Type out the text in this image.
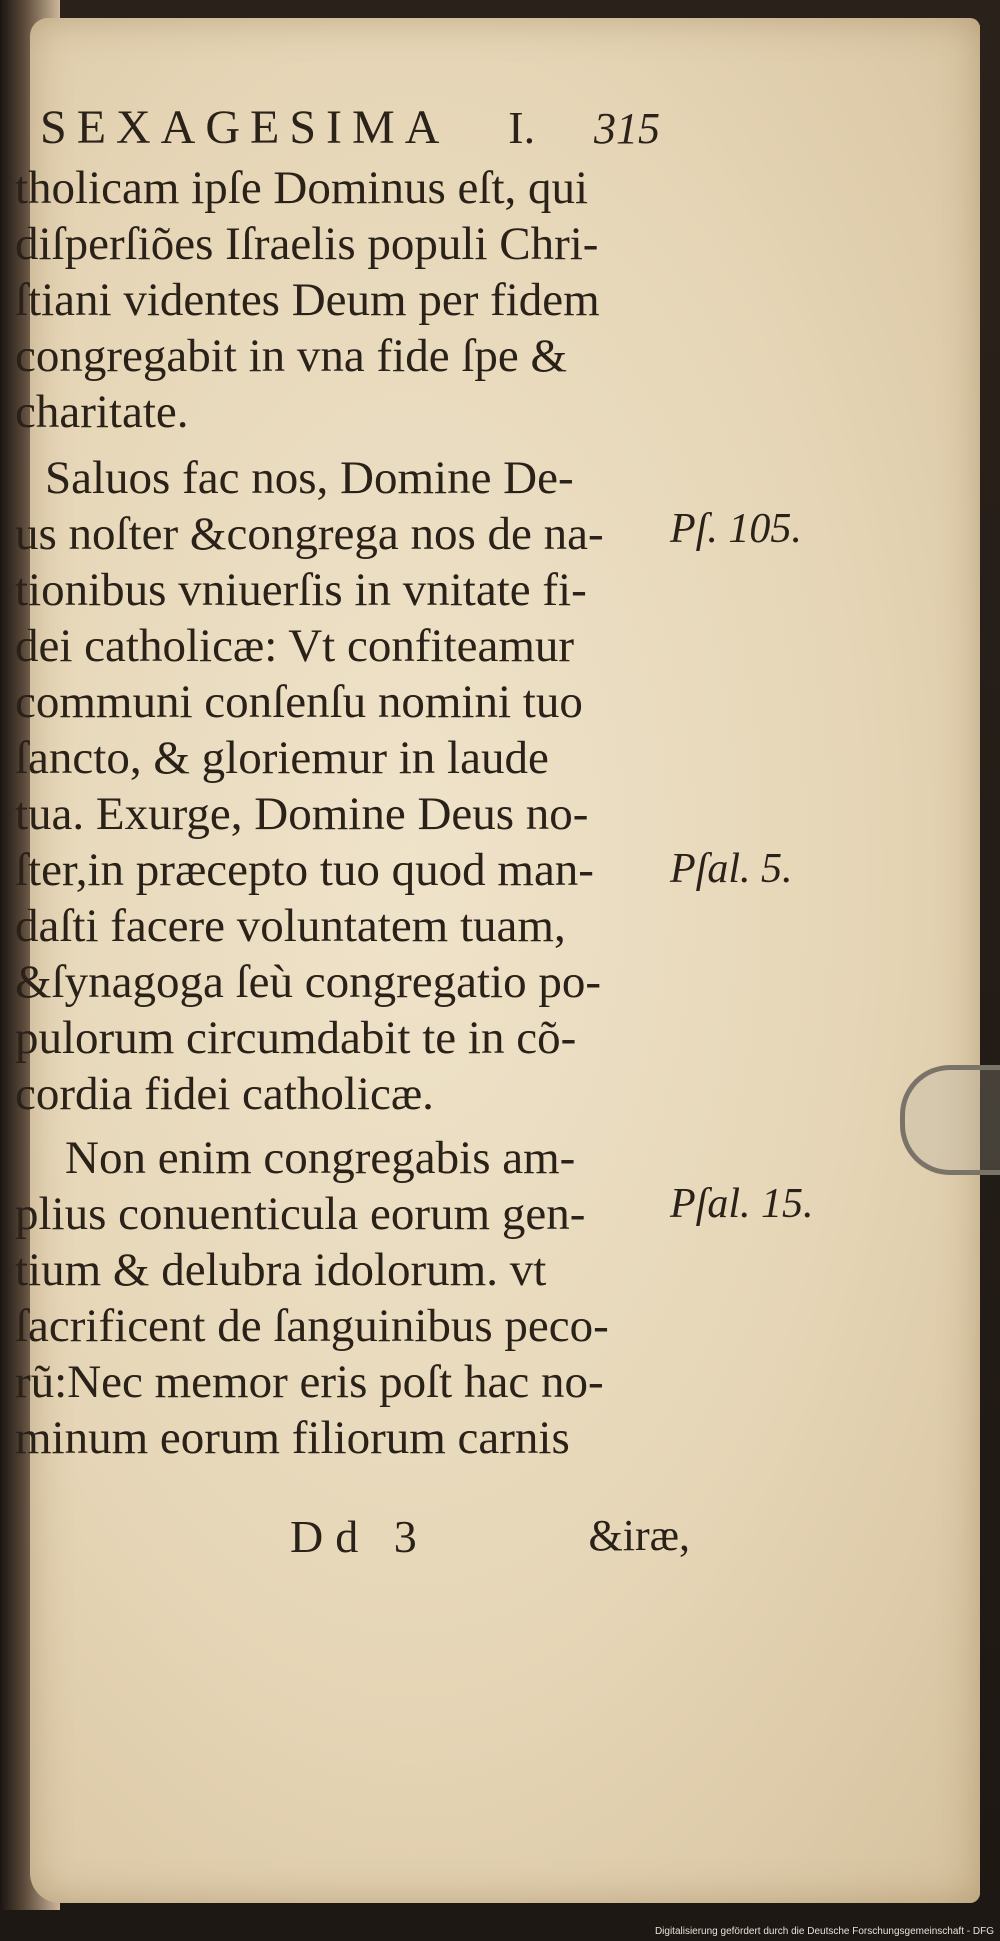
SEXAGESIMA I. 315
tholicam ipſe Dominus eſt, qui
diſperſiões Iſraelis populi Chri-
ſtiani videntes Deum per fidem
congregabit in vna fide ſpe &
charitate.
Saluos fac nos, Domine De-
us noſter &congrega nos de na-
tionibus vniuerſis in vnitate fi-
dei catholicæ: Vt confiteamur
communi conſenſu nomini tuo
ſancto, & gloriemur in laude
tua. Exurge, Domine Deus no-
ſter,in præcepto tuo quod man-
daſti facere voluntatem tuam,
&ſynagoga ſeù congregatio po-
pulorum circumdabit te in cõ-
cordia fidei catholicæ.
Non enim congregabis am-
plius conuenticula eorum gen-
tium & delubra idolorum. vt
ſacrificent de ſanguinibus peco-
rũ:Nec memor eris poſt hac no-
minum eorum filiorum carnis
Pſ. 105.
Pſal. 5.
Pſal. 15.
Dd 3	&iræ,
Digitalisierung gefördert durch die Deutsche Forschungsgemeinschaft - DFG
